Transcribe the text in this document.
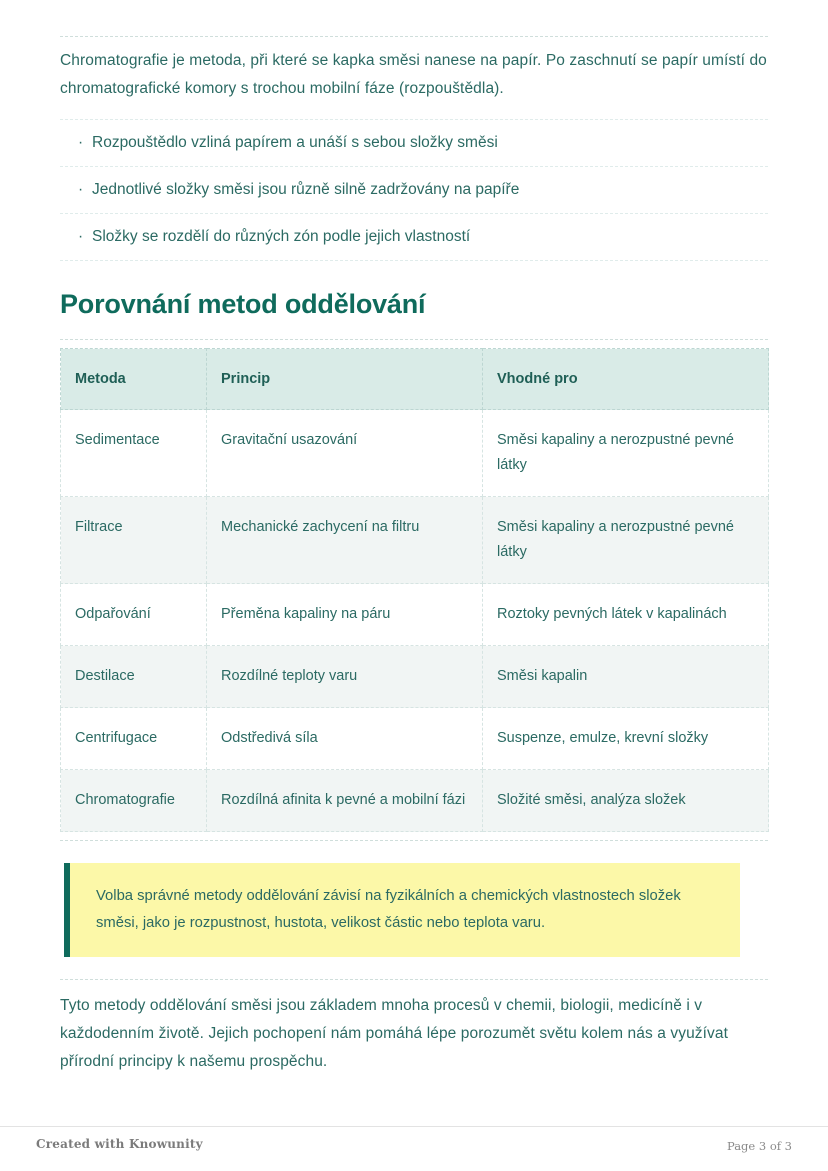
Chromatografie je metoda, při které se kapka směsi nanese na papír. Po zaschnutí se papír umístí do chromatografické komory s trochou mobilní fáze (rozpouštědla).

· Rozpouštědlo vzliná papírem a unáší s sebou složky směsi
· Jednotlivé složky směsi jsou různě silně zadržovány na papíře
· Složky se rozdělí do různých zón podle jejich vlastností
Porovnání metod oddělování
Metoda	Princip	Vhodné pro
Sedimentace	Gravitační usazování	Směsi kapaliny a nerozpustné pevné látky
Filtrace	Mechanické zachycení na filtru	Směsi kapaliny a nerozpustné pevné látky
Odpařování	Přeměna kapaliny na páru	Roztoky pevných látek v kapalinách
Destilace	Rozdílné teploty varu	Směsi kapalin
Centrifugace	Odstředivá síla	Suspenze, emulze, krevní složky
Chromatografie	Rozdílná afinita k pevné a mobilní fázi	Složité směsi, analýza složek

Volba správné metody oddělování závisí na fyzikálních a chemických vlastnostech složek směsi, jako je rozpustnost, hustota, velikost částic nebo teplota varu.

Tyto metody oddělování směsi jsou základem mnoha procesů v chemii, biologii, medicíně i v každodenním životě. Jejich pochopení nám pomáhá lépe porozumět světu kolem nás a využívat přírodní principy k našemu prospěchu.

Created with Knowunity	Page 3 of 3
